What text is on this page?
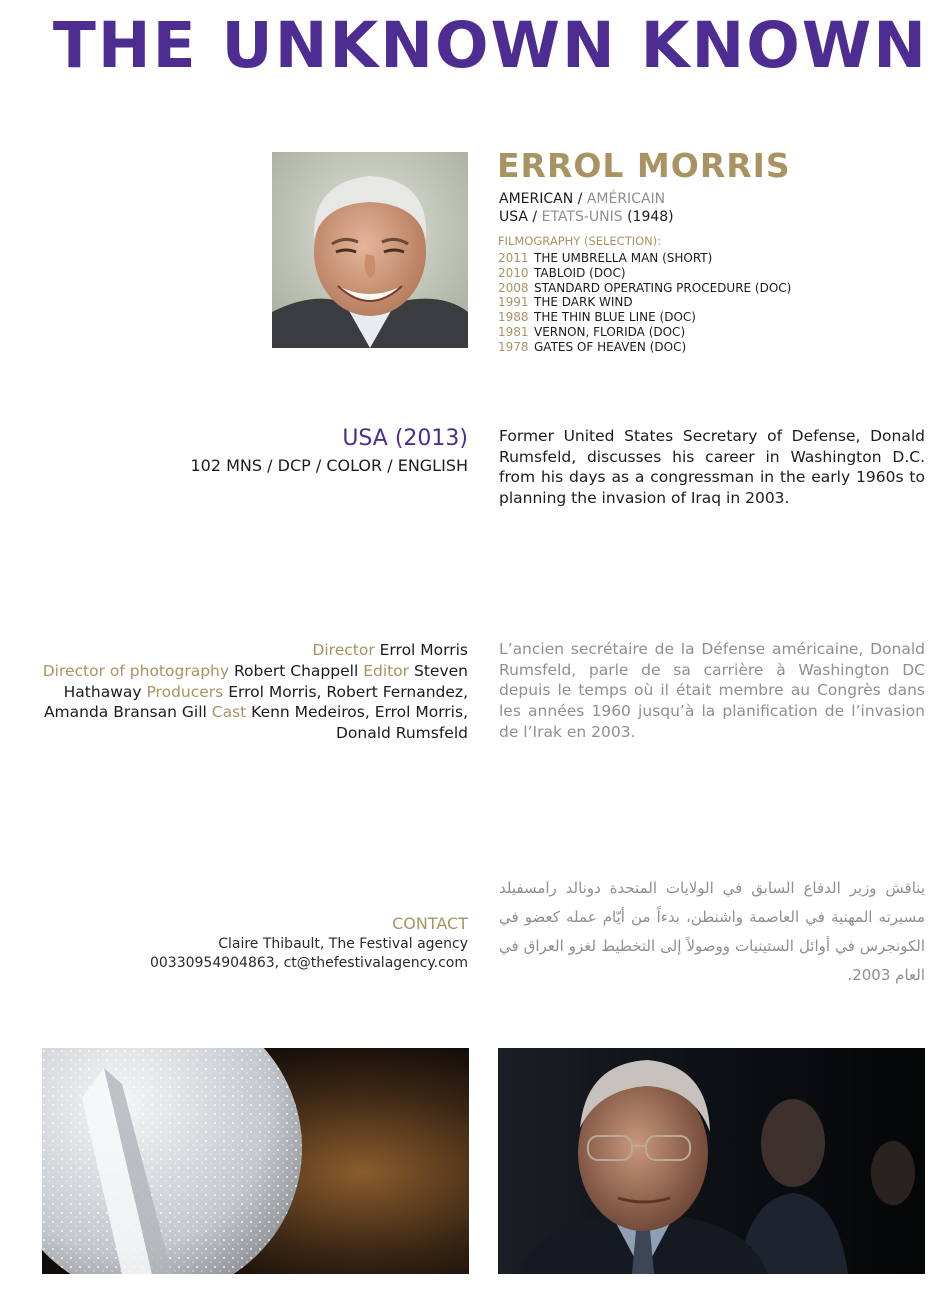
THE UNKNOWN KNOWN
ERROL MORRIS
AMERICAN / AMÉRICAIN
USA / ETATS-UNIS (1948)
FILMOGRAPHY (SELECTION):
2011 THE UMBRELLA MAN (SHORT)
2010 TABLOID (DOC)
2008 STANDARD OPERATING PROCEDURE (DOC)
1991 THE DARK WIND
1988 THE THIN BLUE LINE (DOC)
1981 VERNON, FLORIDA (DOC)
1978 GATES OF HEAVEN (DOC)
USA (2013)
102 MNS / DCP / COLOR / ENGLISH
Former United States Secretary of Defense, Donald Rumsfeld, discusses his career in Washington D.C. from his days as a congressman in the early 1960s to planning the invasion of Iraq in 2003.
Director Errol Morris
Director of photography Robert Chappell Editor Steven Hathaway Producers Errol Morris, Robert Fernandez, Amanda Bransan Gill Cast Kenn Medeiros, Errol Morris, Donald Rumsfeld
L’ancien secrétaire de la Défense américaine, Donald Rumsfeld, parle de sa carrière à Washington DC depuis le temps où il était membre au Congrès dans les années 1960 jusqu’à la planification de l’invasion de l’Irak en 2003.
CONTACT
Claire Thibault, The Festival agency
00330954904863, ct@thefestivalagency.com
يناقش وزير الدفاع السابق في الولايات المتحدة دونالد رامسفيلد مسيرته المهنية في العاصمة واشنطن، بدءاً من أيّام عمله كعضو في الكونجرس في أوائل الستينيات ووصولاً إلى التخطيط لغزو العراق في العام 2003.
